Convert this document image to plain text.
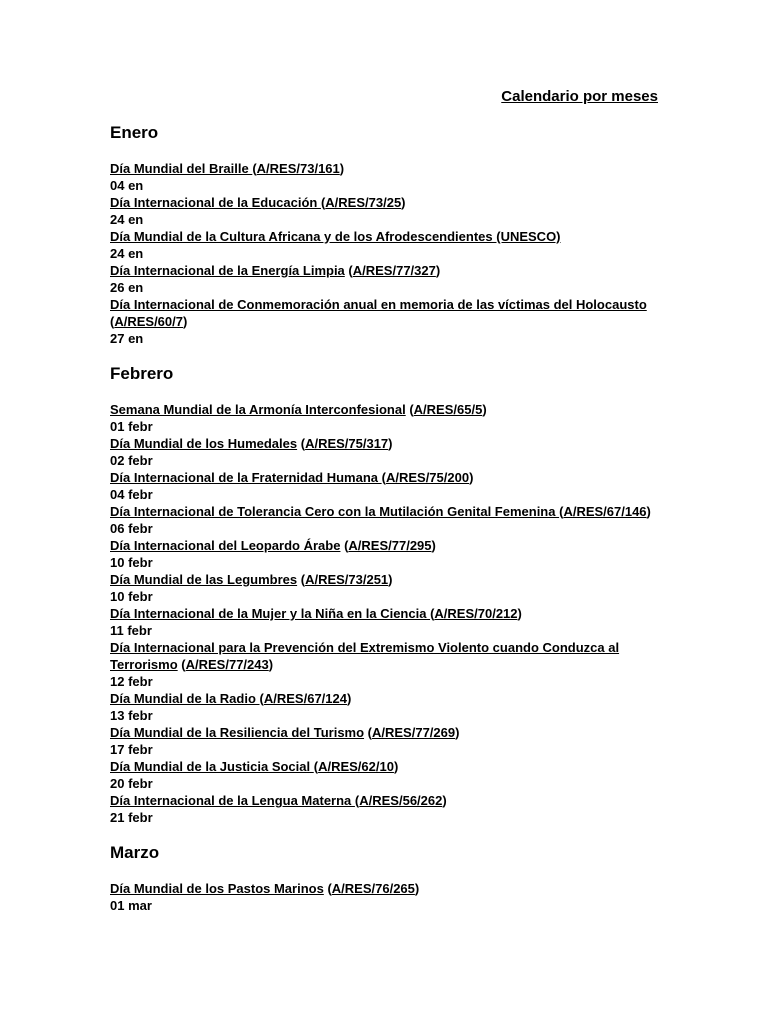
Calendario por meses
Enero
Día Mundial del Braille (A/RES/73/161)
04 en
Día Internacional de la Educación (A/RES/73/25)
24 en
Día Mundial de la Cultura Africana y de los Afrodescendientes (UNESCO)
24 en
Día Internacional de la Energía Limpia (A/RES/77/327)
26 en
Día Internacional de Conmemoración anual en memoria de las víctimas del Holocausto (A/RES/60/7)
27 en
Febrero
Semana Mundial de la Armonía Interconfesional (A/RES/65/5)
01 febr
Día Mundial de los Humedales (A/RES/75/317)
02 febr
Día Internacional de la Fraternidad Humana (A/RES/75/200)
04 febr
Día Internacional de Tolerancia Cero con la Mutilación Genital Femenina (A/RES/67/146)
06 febr
Día Internacional del Leopardo Árabe (A/RES/77/295)
10 febr
Día Mundial de las Legumbres (A/RES/73/251)
10 febr
Día Internacional de la Mujer y la Niña en la Ciencia (A/RES/70/212)
11 febr
Día Internacional para la Prevención del Extremismo Violento cuando Conduzca al Terrorismo (A/RES/77/243)
12 febr
Día Mundial de la Radio (A/RES/67/124)
13 febr
Día Mundial de la Resiliencia del Turismo (A/RES/77/269)
17 febr
Día Mundial de la Justicia Social (A/RES/62/10)
20 febr
Día Internacional de la Lengua Materna (A/RES/56/262)
21 febr
Marzo
Día Mundial de los Pastos Marinos (A/RES/76/265)
01 mar
